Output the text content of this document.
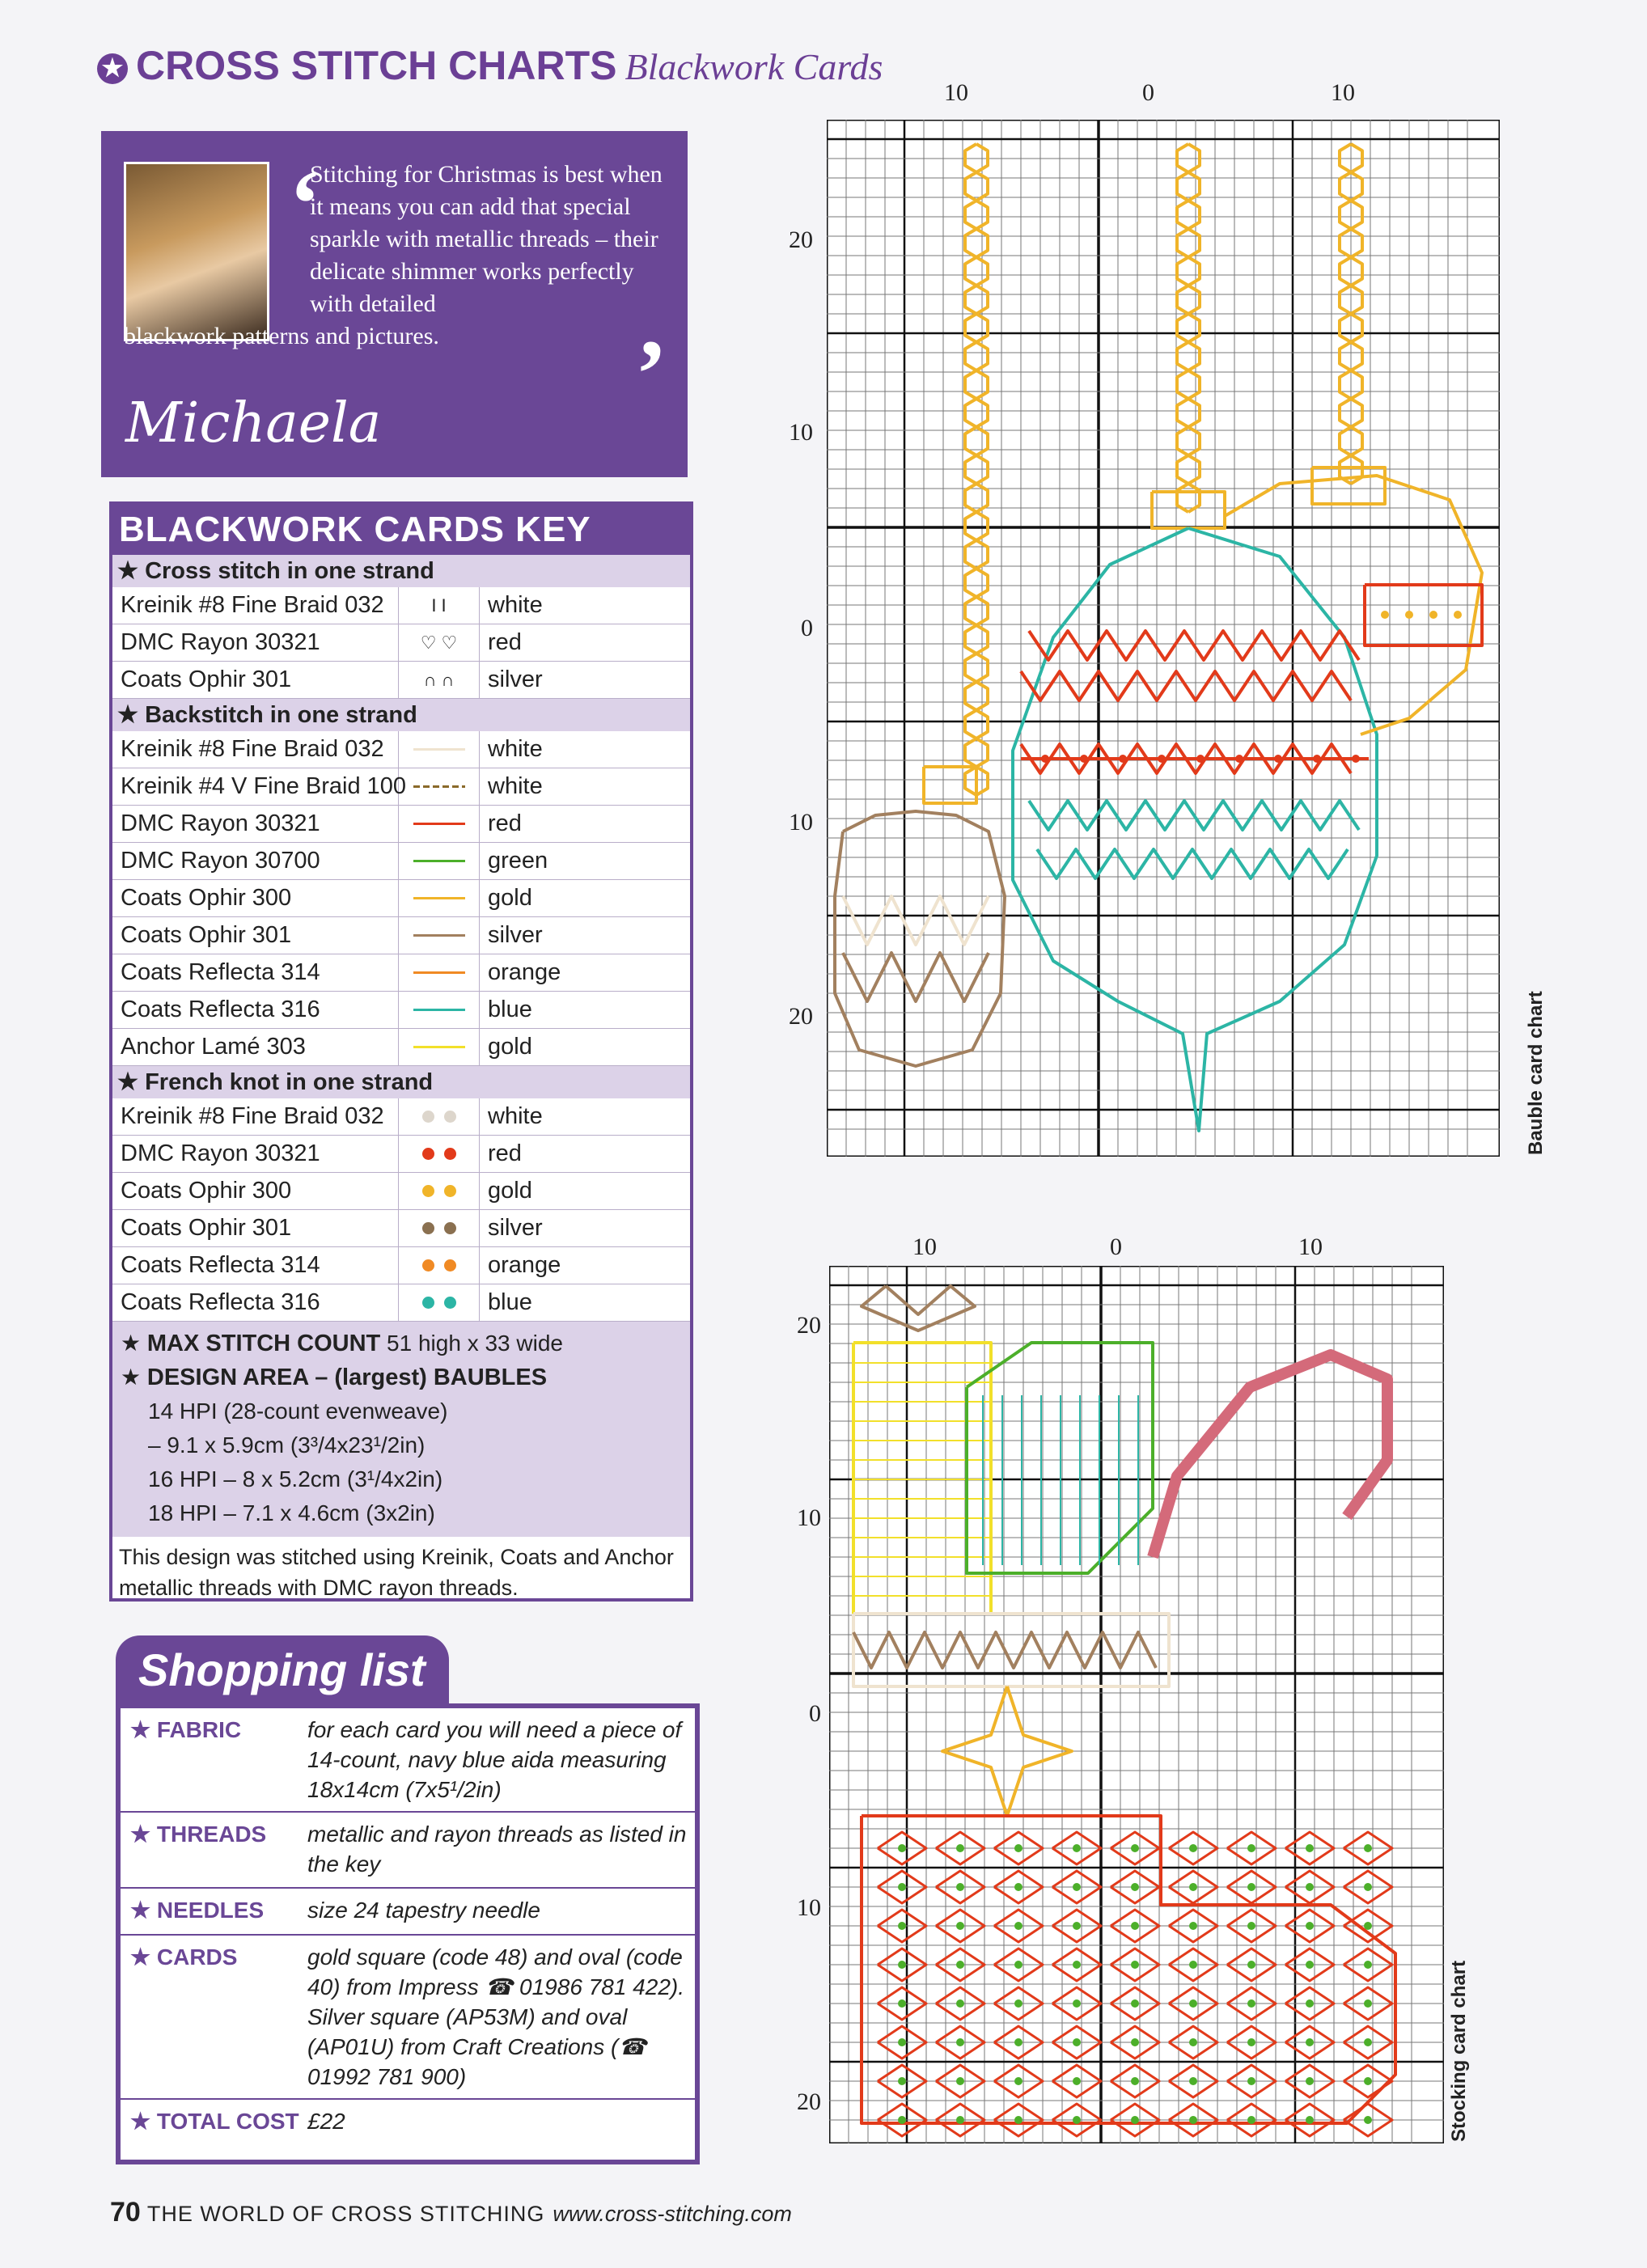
★ CROSS STITCH CHARTS Blackwork Cards
‘
Stitching for Christmas is best when it means you can add that special sparkle with metallic threads – their delicate shimmer works perfectly with detailed
blackwork patterns and pictures.	’
Michaela
BLACKWORK CARDS KEY
★ Cross stitch in one strand
Kreinik #8 Fine Braid 032	I I	white
DMC Rayon 30321	♡ ♡	red
Coats Ophir 301	∩ ∩	silver
★ Backstitch in one strand
Kreinik #8 Fine Braid 032	white
Kreinik #4 V Fine Braid 100	white
DMC Rayon 30321	red
DMC Rayon 30700	green
Coats Ophir 300	gold
Coats Ophir 301	silver
Coats Reflecta 314	orange
Coats Reflecta 316	blue
Anchor Lamé 303	gold
★ French knot in one strand
Kreinik #8 Fine Braid 032	white
DMC Rayon 30321	red
Coats Ophir 300	gold
Coats Ophir 301	silver
Coats Reflecta 314	orange
Coats Reflecta 316	blue
★ MAX STITCH COUNT 51 high x 33 wide
★ DESIGN AREA – (largest) BAUBLES
14 HPI (28-count evenweave)
– 9.1 x 5.9cm (3³/4x23¹/2in)
16 HPI – 8 x 5.2cm (3¹/4x2in)
18 HPI – 7.1 x 4.6cm (3x2in)
This design was stitched using Kreinik, Coats and Anchor metallic threads with DMC rayon threads.
Shopping list
★ FABRIC	for each card you will need a piece of 14-count, navy blue aida measuring 18x14cm (7x5¹/2in)
★ THREADS	metallic and rayon threads as listed in the key
★ NEEDLES	size 24 tapestry needle
★ CARDS	gold square (code 48) and oval (code 40) from Impress ☎ 01986 781 422). Silver square (AP53M) and oval (AP01U) from Craft Creations (☎ 01992 781 900)
★ TOTAL COST £22
70 THE WORLD OF CROSS STITCHING www.cross-stitching.com
10	0	10
20
10
0
10
20	Bauble card chart
10	0	10
20
10
0
10
20	Stocking card chart
